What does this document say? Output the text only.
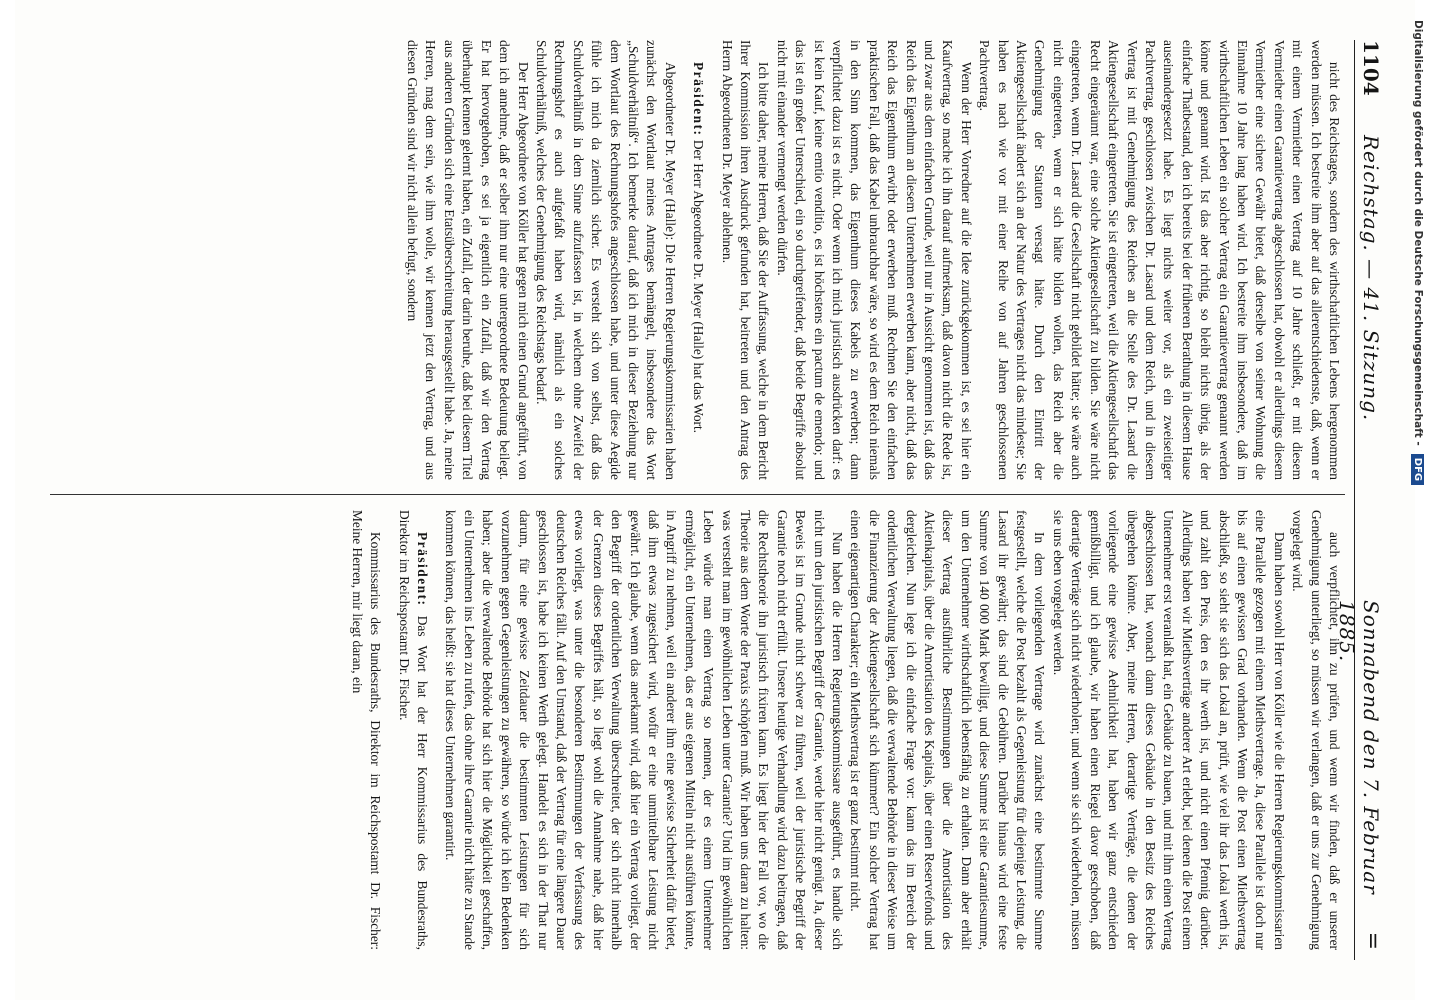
1104
Reichstag. — 41. Sitzung.
Sonnabend den 7. Februar 1885.
=

nicht des Reichstages, sondern des wirthschaftlichen Lebens hergenommen werden müssen. Ich bestreite ihm aber auf das allerentschiedenste, daß, wenn er mit einem Vermiether einen Vertrag auf 10 Jahre schließt, er mit diesem Vermiether einen Garantievertrag abgeschlossen hat, obwohl er allerdings diesem Vermiether eine sichere Gewähr bietet, daß derselbe von seiner Wohnung die Einnahme 10 Jahre lang haben wird. Ich bestreite ihm insbesondere, daß im wirthschaftlichen Leben ein solcher Vertrag ein Garantievertrag genannt werden könne und genannt wird. Ist das aber richtig, so bleibt nichts übrig, als der einfache Thatbestand, den ich bereits bei der früheren Berathung in diesem Hause auseinandergesetzt habe. Es liegt nichts weiter vor, als ein zweiseitiger Pachtvertrag, geschlossen zwischen Dr. Lasard und dem Reich, und in diesem Vertrag ist mit Genehmigung des Reiches an die Stelle des Dr. Lasard die Aktiengesellschaft eingetreten. Sie ist eingetreten, weil die Aktiengesellschaft das Recht eingeräumt war, eine solche Aktiengesellschaft zu bilden. Sie wäre nicht eingetreten, wenn Dr. Lasard die Gesellschaft nicht gebildet hätte; sie wäre auch nicht eingetreten, wenn er sich hätte bilden wollen, das Reich aber die Genehmigung der Statuten versagt hätte. Durch den Eintritt der Aktiengesellschaft ändert sich an der Natur des Vertrages nicht das mindeste; Sie haben es nach wie vor mit einer Reihe von auf Jahren geschlossenen Pachtvertrag.

Wenn der Herr Vorredner auf die Idee zurückgekommen ist, es sei hier ein Kaufvertrag, so mache ich ihn darauf aufmerksam, daß davon nicht die Rede ist, und zwar aus dem einfachen Grunde, weil nur in Aussicht genommen ist, daß das Reich das Eigenthum an diesem Unternehmen erwerben kann, aber nicht, daß das Reich das Eigenthum erwirbt oder erwerben muß. Rechnen Sie den einfachen praktischen Fall, daß das Kabel unbrauchbar wäre, so wird es dem Reich niemals in den Sinn kommen, das Eigenthum dieses Kabels zu erwerben; dann verpflichtet dazu ist es nicht. Oder wenn ich mich juristisch ausdrücken darf: es ist kein Kauf, keine emtio venditio, es ist höchstens ein pactum de emendo; und das ist ein großer Unterschied, ein so durchgreifender, daß beide Begriffe absolut nicht mit einander vermengt werden dürfen.

Ich bitte daher, meine Herren, daß Sie der Auffassung, welche in dem Bericht Ihrer Kommission ihren Ausdruck gefunden hat, beitreten und den Antrag des Herrn Abgeordneten Dr. Meyer ablehnen.

Präsident: Der Herr Abgeordnete Dr. Meyer (Halle) hat das Wort.

Abgeordneter Dr. Meyer (Halle): Die Herren Regierungskommissarien haben zunächst den Wortlaut meines Antrages bemängelt, insbesondere das Wort „Schuldverhältniß“. Ich bemerke darauf, daß ich mich in dieser Beziehung nur dem Wortlaut des Rechnungshofes angeschlossen habe, und unter diese Aegide fühle ich mich da ziemlich sicher. Es versteht sich von selbst, daß das Schuldverhältniß in dem Sinne aufzufassen ist, in welchem ohne Zweifel der Rechnungshof es auch aufgefaßt haben wird, nämlich als ein solches Schuldverhältniß, welches der Genehmigung des Reichstags bedarf.

Der Herr Abgeordnete von Köller hat gegen mich einen Grund angeführt, von dem ich annehme, daß er selber ihm nur eine untergeordnete Bedeutung beilegt. Er hat hervorgehoben, es sei ja eigentlich ein Zufall, daß wir den Vertrag überhaupt kennen gelernt haben, ein Zufall, der darin beruhe, daß bei diesem Titel aus anderen Gründen sich eine Etatsüberschreitung herausgestellt habe. Ja, meine Herren, mag dem sein, wie ihm wolle, wir kennen jetzt den Vertrag, und aus diesen Gründen sind wir nicht allein befugt, sondern

auch verpflichtet, ihn zu prüfen, und wenn wir finden, daß er unserer Genehmigung unterliegt, so müssen wir verlangen, daß er uns zur Genehmigung vorgelegt wird.

Dann haben sowohl Herr von Köller wie die Herren Regierungskommissarien eine Parallele gezogen mit einem Miethsvertrage. Ja, diese Parallele ist doch nur bis auf einen gewissen Grad vorhanden. Wenn die Post einen Miethsvertrag abschließt, so sieht sie sich das Lokal an, prüft, wie viel ihr das Lokal werth ist, und zahlt den Preis, den es ihr werth ist, und nicht einen Pfennig darüber. Allerdings haben wir Miethsverträge anderer Art erlebt, bei denen die Post einem Unternehmer erst veranlaßt hat, ein Gebäude zu bauen, und mit ihm einen Vertrag abgeschlossen hat, wonach dann dieses Gebäude in den Besitz des Reiches übergehen könnte. Aber, meine Herren, derartige Verträge, die denen der vorliegende eine gewisse Aehnlichkeit hat, haben wir ganz entschieden gemißbilligt, und ich glaube, wir haben einen Riegel davor geschoben, daß derartige Verträge sich nicht wiederholen; und wenn sie sich wiederholen, müssen sie uns eben vorgelegt werden.

In dem vorliegenden Vertrage wird zunächst eine bestimmte Summe festgestellt, welche die Post bezahlt als Gegenleistung für diejenige Leistung, die Lasard ihr gewährt; das sind die Gebühren. Darüber hinaus wird eine feste Summe von 140 000 Mark bewilligt, und diese Summe ist eine Garantiesumme, um den Unternehmer wirthschaftlich lebensfähig zu erhalten. Dann aber erhält dieser Vertrag ausführliche Bestimmungen über die Amortisation des Aktienkapitals, über die Amortisation des Kapitals, über einen Reservefonds und dergleichen. Nun lege ich die einfache Frage vor: kann das im Bereich der ordentlichen Verwaltung liegen, daß die verwaltende Behörde in dieser Weise um die Finanzierung der Aktiengesellschaft sich kümmert? Ein solcher Vertrag hat einen eigenartigen Charakter; ein Miethsvertrag ist er ganz bestimmt nicht.

Nun haben die Herren Regierungskommissare ausgeführt, es handle sich nicht um den juristischen Begriff der Garantie, werde hier nicht genügt. Ja, dieser Beweis ist im Grunde nicht schwer zu führen, weil der juristische Begriff der Garantie noch nicht erfüllt. Unsere heutige Verhandlung wird dazu beitragen, daß die Rechtstheorie ihn juristisch fixiren kann. Es liegt hier der Fall vor, wo die Theorie aus dem Worte der Praxis schöpfen muß. Wir haben uns daran zu halten: was versteht man im gewöhnlichen Leben unter Garantie? Und im gewöhnlichen Leben würde man einen Vertrag so nennen, der es einem Unternehmer ermöglicht, ein Unternehmen, das er aus eigenen Mitteln nicht ausführen könnte, in Angriff zu nehmen, weil ein anderer ihm eine gewisse Sicherheit dafür bietet, daß ihm etwas zugesichert wird, wofür er eine unmittelbare Leistung nicht gewährt. Ich glaube, wenn das anerkannt wird, daß hier ein Vertrag vorliegt, der den Begriff der ordentlichen Verwaltung überschreitet, der sich nicht innerhalb der Grenzen dieses Begriffes hält, so liegt wohl die Annahme nahe, daß hier etwas vorliegt, was unter die besonderen Bestimmungen der Verfassung des deutschen Reiches fällt. Auf den Umstand, daß der Vertrag für eine längere Dauer geschlossen ist, habe ich keinen Werth gelegt. Handelt es sich in der That nur darum, für eine gewisse Zeitdauer die bestimmten Leistungen für sich vorzunehmen gegen Gegenleistungen zu gewähren, so würde ich kein Bedenken haben; aber die verwaltende Behörde hat sich hier die Möglichkeit geschaffen, ein Unternehmen ins Leben zu rufen, das ohne ihre Garantie nicht hätte zu Stande kommen können, das heißt: sie hat dieses Unternehmen garantirt.

Präsident: Das Wort hat der Herr Kommissarius des Bundesraths, Direktor im Reichspostamt Dr. Fischer.

Kommissarius des Bundesraths, Direktor im Reichspostamt Dr. Fischer: Meine Herren, mir liegt daran, ein

Digitalisierung gefördert durch die Deutsche Forschungsgemeinschaft -
DFG
